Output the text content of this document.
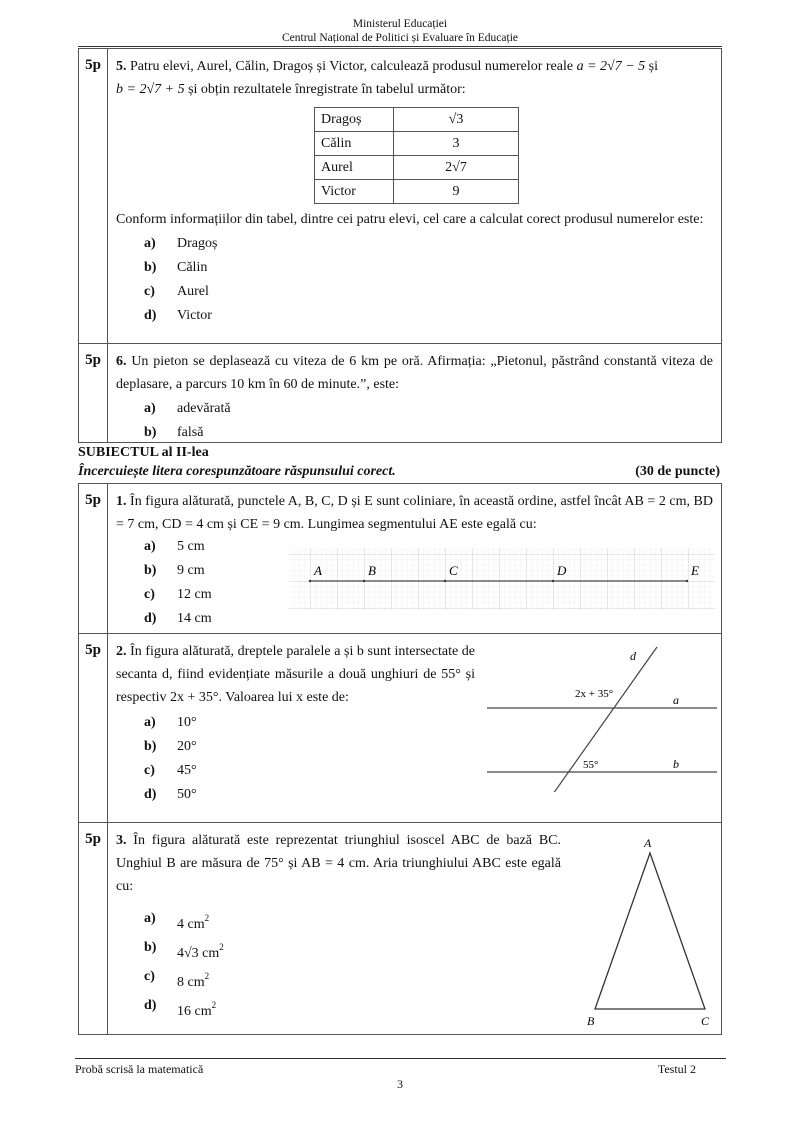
Ministerul Educației
Centrul Național de Politici și Evaluare în Educație
5p	5. Patru elevi, Aurel, Călin, Dragoș și Victor, calculează produsul numerelor reale a = 2√7 − 5 și
b = 2√7 + 5 și obțin rezultatele înregistrate în tabelul următor:
Dragoș	√3
Călin	3
Aurel	2√7
Victor	9
Conform informațiilor din tabel, dintre cei patru elevi, cel care a calculat corect produsul numerelor este:
a) Dragoș
b) Călin
c) Aurel
d) Victor
5p	6. Un pieton se deplasează cu viteza de 6 km pe oră. Afirmația: „Pietonul, păstrând constantă viteza de deplasare, a parcurs 10 km în 60 de minute.”, este:
a) adevărată
b) falsă
SUBIECTUL al II-lea
Încercuiește litera corespunzătoare răspunsului corect.	(30 de puncte)
5p	1. În figura alăturată, punctele A, B, C, D și E sunt coliniare, în această ordine, astfel încât AB = 2 cm, BD = 7 cm, CD = 4 cm și CE = 9 cm. Lungimea segmentului AE este egală cu:
a) 5 cm
b) 9 cm
c) 12 cm
d) 14 cm
A	B	C	D	E
5p	2. În figura alăturată, dreptele paralele a și b sunt intersectate de secanta d, fiind evidențiate măsurile a două unghiuri de 55° și respectiv 2x + 35°. Valoarea lui x este de:
a) 10°
b) 20°
c) 45°
d) 50°
d
2x + 35°	a
55°	b
5p	3. În figura alăturată este reprezentat triunghiul isoscel ABC de bază BC. Unghiul B are măsura de 75° și AB = 4 cm. Aria triunghiului ABC este egală cu:
a) 4 $cm^2$
b) 4√3 $cm^2$
c) 8 $cm^2$
d) 16 $cm^2$
A
B	C
Probă scrisă la matematică	Testul 2
3
